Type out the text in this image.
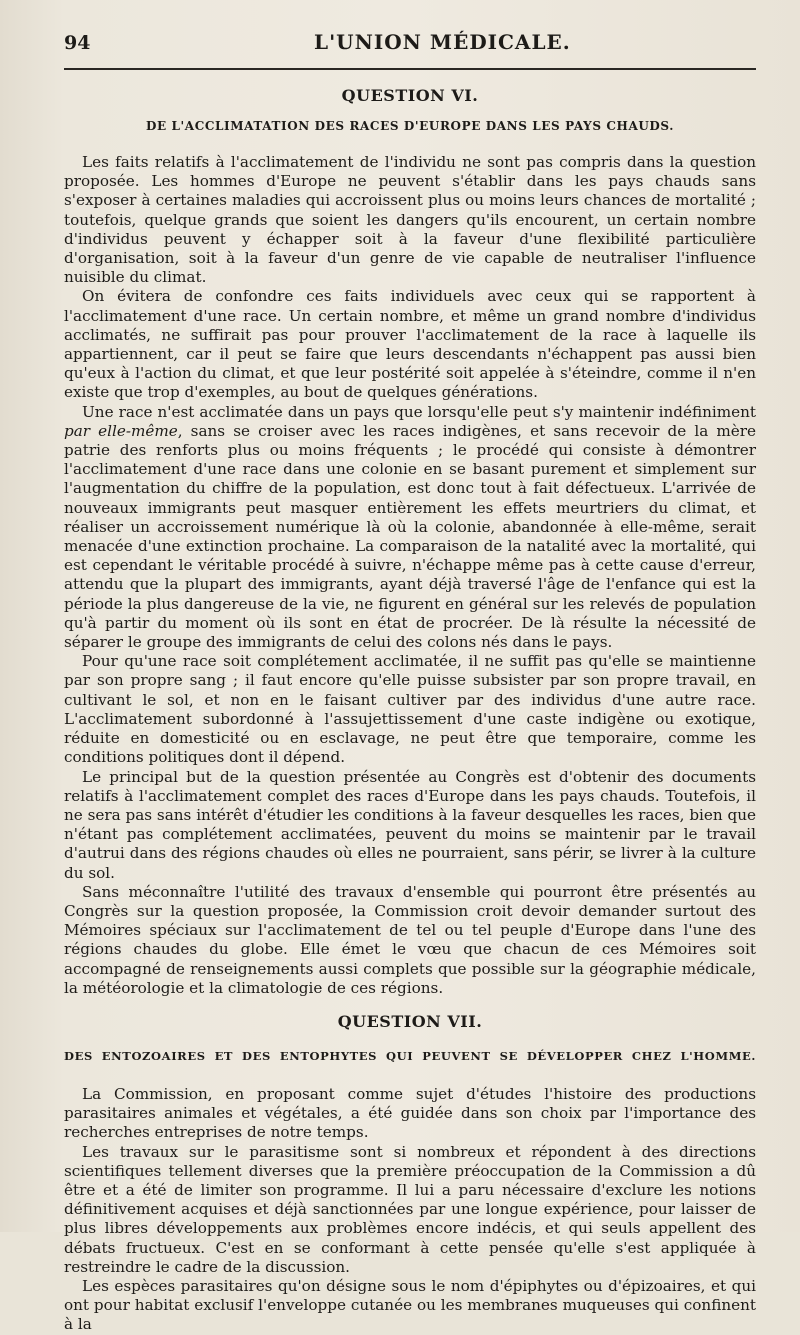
94	L'UNION MÉDICALE.
QUESTION VI.
DE L'ACCLIMATATION DES RACES D'EUROPE DANS LES PAYS CHAUDS.

Les faits relatifs à l'acclimatement de l'individu ne sont pas compris dans la question proposée. Les hommes d'Europe ne peuvent s'établir dans les pays chauds sans s'exposer à certaines maladies qui accroissent plus ou moins leurs chances de mortalité ; toutefois, quelque grands que soient les dangers qu'ils encourent, un certain nombre d'individus peuvent y échapper soit à la faveur d'une flexibilité particulière d'organisation, soit à la faveur d'un genre de vie capable de neutraliser l'influence nuisible du climat.

On évitera de confondre ces faits individuels avec ceux qui se rapportent à l'acclimatement d'une race. Un certain nombre, et même un grand nombre d'individus acclimatés, ne suffirait pas pour prouver l'acclimatement de la race à laquelle ils appartiennent, car il peut se faire que leurs descendants n'échappent pas aussi bien qu'eux à l'action du climat, et que leur postérité soit appelée à s'éteindre, comme il n'en existe que trop d'exemples, au bout de quelques générations.

Une race n'est acclimatée dans un pays que lorsqu'elle peut s'y maintenir indéfiniment par elle-même, sans se croiser avec les races indigènes, et sans recevoir de la mère patrie des renforts plus ou moins fréquents ; le procédé qui consiste à démontrer l'acclimatement d'une race dans une colonie en se basant purement et simplement sur l'augmentation du chiffre de la population, est donc tout à fait défectueux. L'arrivée de nouveaux immigrants peut masquer entièrement les effets meurtriers du climat, et réaliser un accroissement numérique là où la colonie, abandonnée à elle-même, serait menacée d'une extinction prochaine. La comparaison de la natalité avec la mortalité, qui est cependant le véritable procédé à suivre, n'échappe même pas à cette cause d'erreur, attendu que la plupart des immigrants, ayant déjà traversé l'âge de l'enfance qui est la période la plus dangereuse de la vie, ne figurent en général sur les relevés de population qu'à partir du moment où ils sont en état de procréer. De là résulte la nécessité de séparer le groupe des immigrants de celui des colons nés dans le pays.

Pour qu'une race soit complétement acclimatée, il ne suffit pas qu'elle se maintienne par son propre sang ; il faut encore qu'elle puisse subsister par son propre travail, en cultivant le sol, et non en le faisant cultiver par des individus d'une autre race. L'acclimatement subordonné à l'assujettissement d'une caste indigène ou exotique, réduite en domesticité ou en esclavage, ne peut être que temporaire, comme les conditions politiques dont il dépend.

Le principal but de la question présentée au Congrès est d'obtenir des documents relatifs à l'acclimatement complet des races d'Europe dans les pays chauds. Toutefois, il ne sera pas sans intérêt d'étudier les conditions à la faveur desquelles les races, bien que n'étant pas complétement acclimatées, peuvent du moins se maintenir par le travail d'autrui dans des régions chaudes où elles ne pourraient, sans périr, se livrer à la culture du sol.

Sans méconnaître l'utilité des travaux d'ensemble qui pourront être présentés au Congrès sur la question proposée, la Commission croit devoir demander surtout des Mémoires spéciaux sur l'acclimatement de tel ou tel peuple d'Europe dans l'une des régions chaudes du globe. Elle émet le vœu que chacun de ces Mémoires soit accompagné de renseignements aussi complets que possible sur la géographie médicale, la météorologie et la climatologie de ces régions.

QUESTION VII.
DES ENTOZOAIRES ET DES ENTOPHYTES QUI PEUVENT SE DÉVELOPPER CHEZ L'HOMME.

La Commission, en proposant comme sujet d'études l'histoire des productions parasitaires animales et végétales, a été guidée dans son choix par l'importance des recherches entreprises de notre temps.

Les travaux sur le parasitisme sont si nombreux et répondent à des directions scientifiques tellement diverses que la première préoccupation de la Commission a dû être et a été de limiter son programme. Il lui a paru nécessaire d'exclure les notions définitivement acquises et déjà sanctionnées par une longue expérience, pour laisser de plus libres développements aux problèmes encore indécis, et qui seuls appellent des débats fructueux. C'est en se conformant à cette pensée qu'elle s'est appliquée à restreindre le cadre de la discussion.

Les espèces parasitaires qu'on désigne sous le nom d'épiphytes ou d'épizoaires, et qui ont pour habitat exclusif l'enveloppe cutanée ou les membranes muqueuses qui confinent à la
